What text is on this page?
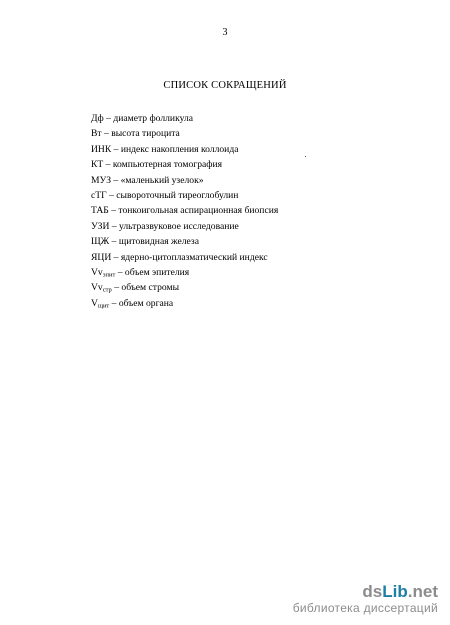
3
СПИСОК СОКРАЩЕНИЙ
Дф – диаметр фолликула
Вт – высота тироцита
ИНК – индекс накопления коллоида
КТ – компьютерная томография
МУЗ – «маленький узелок»
сТГ – сывороточный тиреоглобулин
ТАБ – тонкоигольная аспирационная биопсия
УЗИ – ультразвуковое исследование
ЩЖ – щитовидная железа
ЯЦИ – ядерно-цитоплазматический индекс
$Vv_{эпит}$ – объем эпителия
$Vv_{стр}$ – объем стромы
$V_{щит}$ – объем органа
dsLib.net
библиотека диссертаций
